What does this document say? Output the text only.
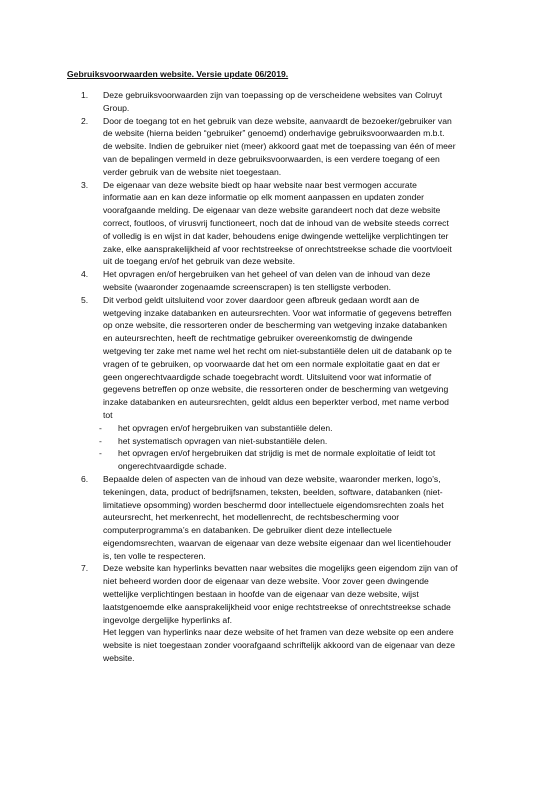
Gebruiksvoorwaarden website. Versie update 06/2019.
1. Deze gebruiksvoorwaarden zijn van toepassing op de verscheidene websites van Colruyt
Group.
2. Door de toegang tot en het gebruik van deze website, aanvaardt de bezoeker/gebruiker van
de website (hierna beiden “gebruiker” genoemd) onderhavige gebruiksvoorwaarden m.b.t.
de website. Indien de gebruiker niet (meer) akkoord gaat met de toepassing van één of meer
van de bepalingen vermeld in deze gebruiksvoorwaarden, is een verdere toegang of een
verder gebruik van de website niet toegestaan.
3. De eigenaar van deze website biedt op haar website naar best vermogen accurate
informatie aan en kan deze informatie op elk moment aanpassen en updaten zonder
voorafgaande melding. De eigenaar van deze website garandeert noch dat deze website
correct, foutloos, of virusvrij functioneert, noch dat de inhoud van de website steeds correct
of volledig is en wijst in dat kader, behoudens enige dwingende wettelijke verplichtingen ter
zake, elke aansprakelijkheid af voor rechtstreekse of onrechtstreekse schade die voortvloeit
uit de toegang en/of het gebruik van deze website.
4. Het opvragen en/of hergebruiken van het geheel of van delen van de inhoud van deze
website (waaronder zogenaamde screenscrapen) is ten stelligste verboden.
5. Dit verbod geldt uitsluitend voor zover daardoor geen afbreuk gedaan wordt aan de
wetgeving inzake databanken en auteursrechten. Voor wat informatie of gegevens betreffen
op onze website, die ressorteren onder de bescherming van wetgeving inzake databanken
en auteursrechten, heeft de rechtmatige gebruiker overeenkomstig de dwingende
wetgeving ter zake met name wel het recht om niet-substantiële delen uit de databank op te
vragen of te gebruiken, op voorwaarde dat het om een normale exploitatie gaat en dat er
geen ongerechtvaardigde schade toegebracht wordt. Uitsluitend voor wat informatie of
gegevens betreffen op onze website, die ressorteren onder de bescherming van wetgeving
inzake databanken en auteursrechten, geldt aldus een beperkter verbod, met name verbod
tot
- het opvragen en/of hergebruiken van substantiële delen.
- het systematisch opvragen van niet-substantiële delen.
- het opvragen en/of hergebruiken dat strijdig is met de normale exploitatie of leidt tot
ongerechtvaardigde schade.
6. Bepaalde delen of aspecten van de inhoud van deze website, waaronder merken, logo’s,
tekeningen, data, product of bedrijfsnamen, teksten, beelden, software, databanken (niet-
limitatieve opsomming) worden beschermd door intellectuele eigendomsrechten zoals het
auteursrecht, het merkenrecht, het modellenrecht, de rechtsbescherming voor
computerprogramma’s en databanken. De gebruiker dient deze intellectuele
eigendomsrechten, waarvan de eigenaar van deze website eigenaar dan wel licentiehouder
is, ten volle te respecteren.
7. Deze website kan hyperlinks bevatten naar websites die mogelijks geen eigendom zijn van of
niet beheerd worden door de eigenaar van deze website. Voor zover geen dwingende
wettelijke verplichtingen bestaan in hoofde van de eigenaar van deze website, wijst
laatstgenoemde elke aansprakelijkheid voor enige rechtstreekse of onrechtstreekse schade
ingevolge dergelijke hyperlinks af.
Het leggen van hyperlinks naar deze website of het framen van deze website op een andere
website is niet toegestaan zonder voorafgaand schriftelijk akkoord van de eigenaar van deze
website.
